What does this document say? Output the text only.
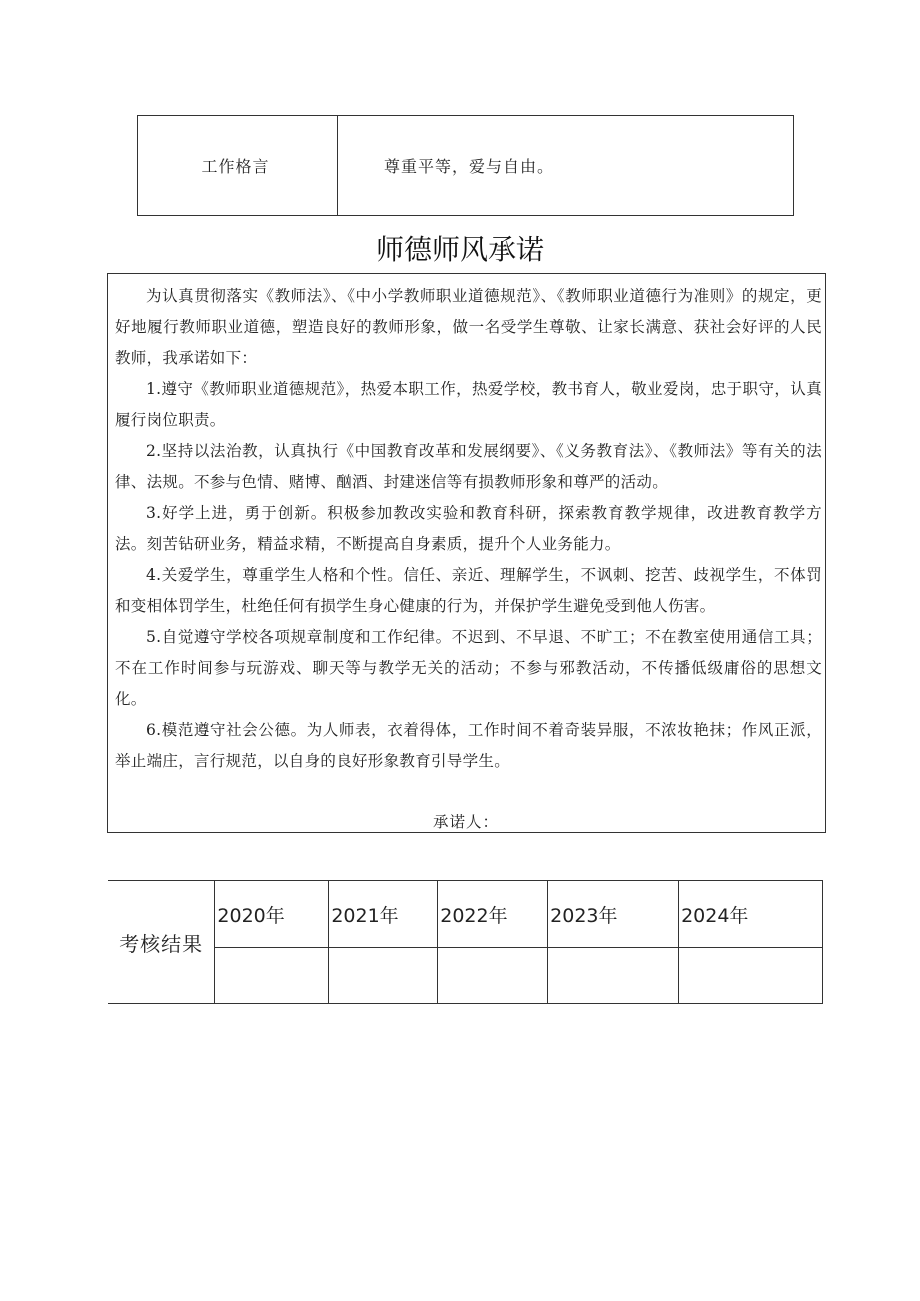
工作格言	尊重平等，爱与自由。
师德师风承诺

为认真贯彻落实《教师法》、《中小学教师职业道德规范》、《教师职业道德行为准则》的规定，更好地履行教师职业道德，塑造良好的教师形象，做一名受学生尊敬、让家长满意、获社会好评的人民教师，我承诺如下：

1.遵守《教师职业道德规范》，热爱本职工作，热爱学校，教书育人，敬业爱岗，忠于职守，认真履行岗位职责。

2.坚持以法治教，认真执行《中国教育改革和发展纲要》、《义务教育法》、《教师法》等有关的法律、法规。不参与色情、赌博、酗酒、封建迷信等有损教师形象和尊严的活动。

3.好学上进，勇于创新。积极参加教改实验和教育科研，探索教育教学规律，改进教育教学方法。刻苦钻研业务，精益求精，不断提高自身素质，提升个人业务能力。

4.关爱学生，尊重学生人格和个性。信任、亲近、理解学生，不讽刺、挖苦、歧视学生，不体罚和变相体罚学生，杜绝任何有损学生身心健康的行为，并保护学生避免受到他人伤害。

5.自觉遵守学校各项规章制度和工作纪律。不迟到、不早退、不旷工；不在教室使用通信工具；不在工作时间参与玩游戏、聊天等与教学无关的活动；不参与邪教活动，不传播低级庸俗的思想文化。

6.模范遵守社会公德。为人师表，衣着得体，工作时间不着奇装异服，不浓妆艳抹；作风正派，举止端庄，言行规范，以自身的良好形象教育引导学生。

承诺人：
考核结果	2020年	2021年	2022年	2023年	2024年
